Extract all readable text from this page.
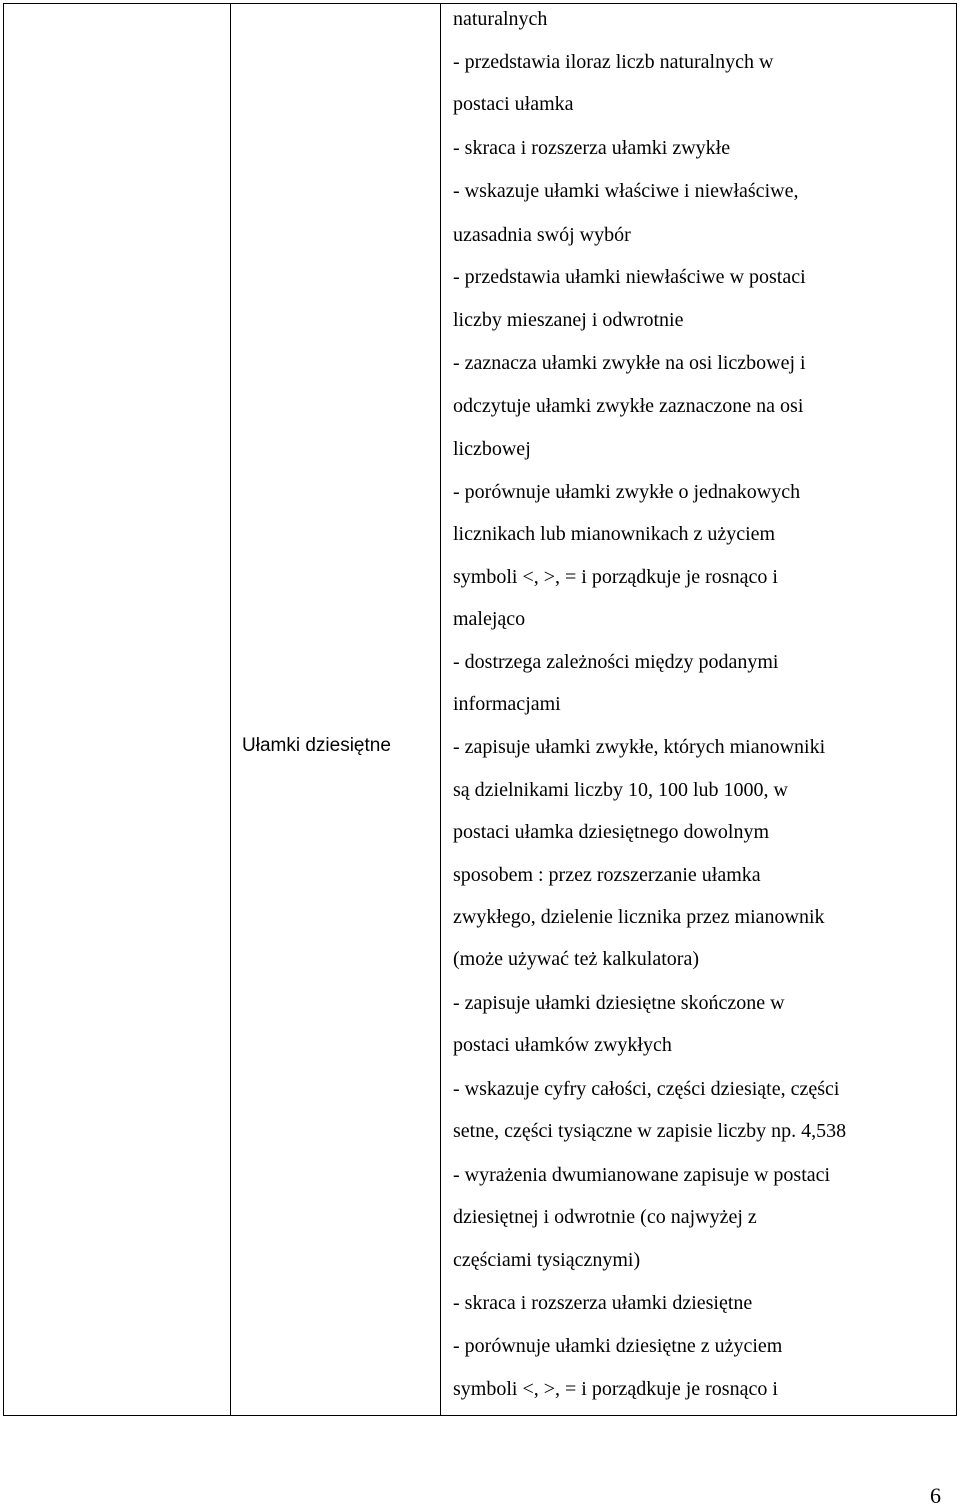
Ułamki dziesiętne
naturalnych
- przedstawia iloraz liczb naturalnych w
postaci ułamka
- skraca i rozszerza ułamki zwykłe
- wskazuje ułamki właściwe i niewłaściwe,
uzasadnia swój wybór
- przedstawia ułamki niewłaściwe w postaci
liczby mieszanej i odwrotnie
- zaznacza ułamki zwykłe na osi liczbowej i
odczytuje ułamki zwykłe zaznaczone na osi
liczbowej
- porównuje ułamki zwykłe o jednakowych
licznikach lub mianownikach z użyciem
symboli <, >, = i porządkuje je rosnąco i
malejąco
- dostrzega zależności między podanymi
informacjami
- zapisuje ułamki zwykłe, których mianowniki
są dzielnikami liczby 10, 100 lub 1000, w
postaci ułamka dziesiętnego dowolnym
sposobem : przez rozszerzanie ułamka
zwykłego, dzielenie licznika przez mianownik
(może używać też kalkulatora)
- zapisuje ułamki dziesiętne skończone w
postaci ułamków zwykłych
- wskazuje cyfry całości, części dziesiąte, części
setne, części tysiączne w zapisie liczby np. 4,538
- wyrażenia dwumianowane zapisuje w postaci
dziesiętnej i odwrotnie (co najwyżej z
częściami tysiącznymi)
- skraca i rozszerza ułamki dziesiętne
- porównuje ułamki dziesiętne z użyciem
symboli <, >, = i porządkuje je rosnąco i
6
